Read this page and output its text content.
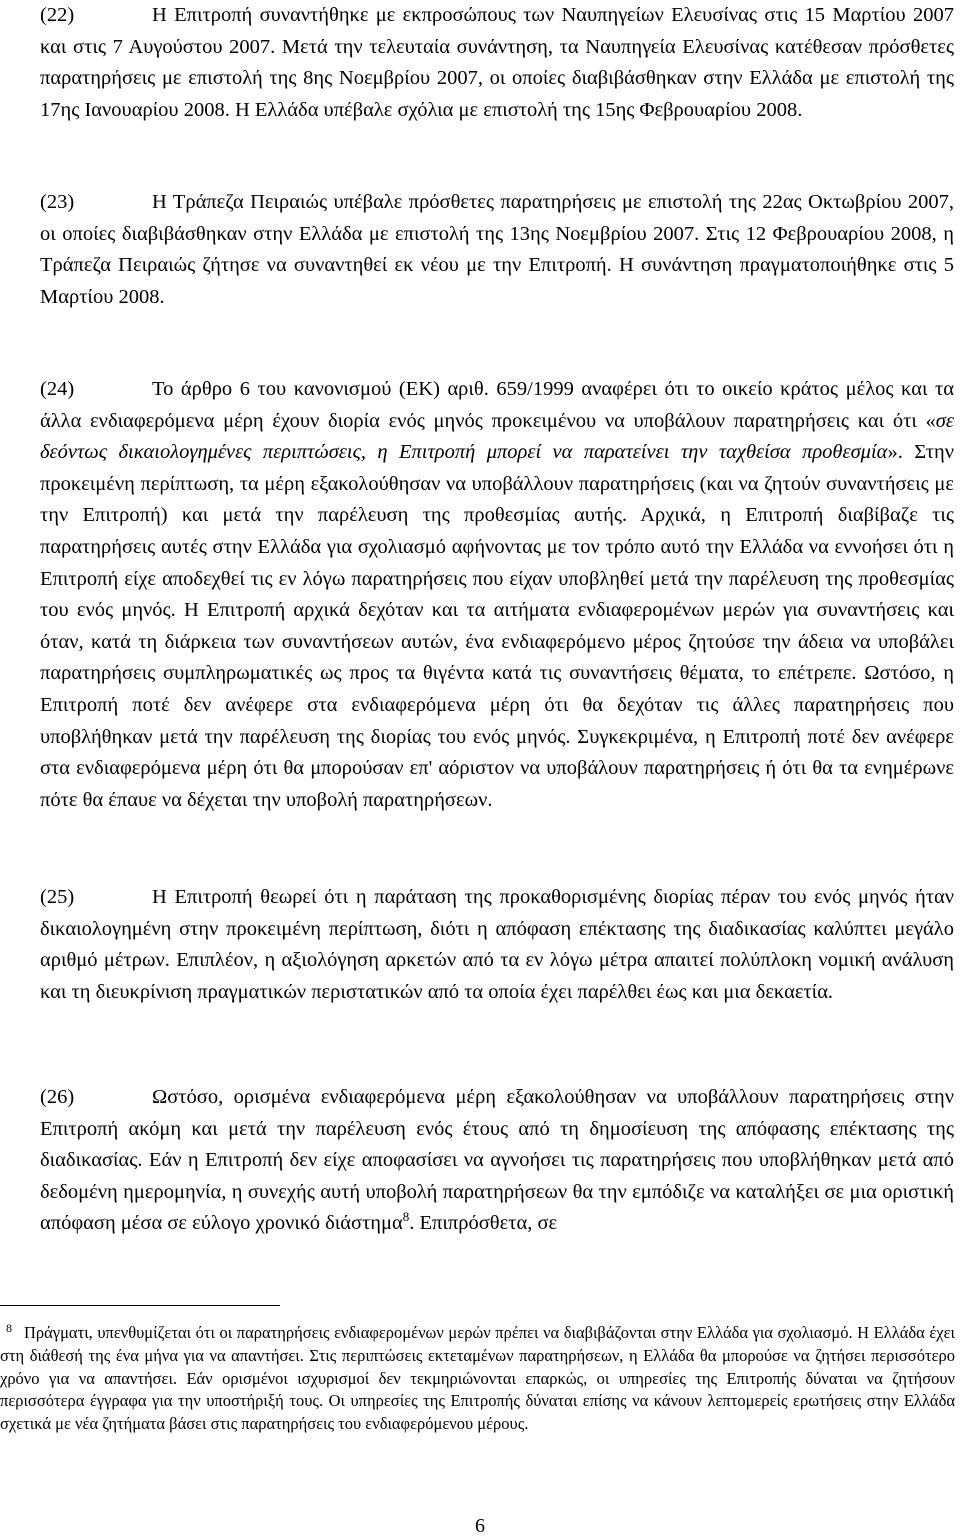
(22)	Η Επιτροπή συναντήθηκε με εκπροσώπους των Ναυπηγείων Ελευσίνας στις 15 Μαρτίου 2007 και στις 7 Αυγούστου 2007. Μετά την τελευταία συνάντηση, τα Ναυπηγεία Ελευσίνας κατέθεσαν πρόσθετες παρατηρήσεις με επιστολή της 8ης Νοεμβρίου 2007, οι οποίες διαβιβάσθηκαν στην Ελλάδα με επιστολή της 17ης Ιανουαρίου 2008. Η Ελλάδα υπέβαλε σχόλια με επιστολή της 15ης Φεβρουαρίου 2008.
(23)	Η Τράπεζα Πειραιώς υπέβαλε πρόσθετες παρατηρήσεις με επιστολή της 22ας Οκτωβρίου 2007, οι οποίες διαβιβάσθηκαν στην Ελλάδα με επιστολή της 13ης Νοεμβρίου 2007. Στις 12 Φεβρουαρίου 2008, η Τράπεζα Πειραιώς ζήτησε να συναντηθεί εκ νέου με την Επιτροπή. Η συνάντηση πραγματοποιήθηκε στις 5 Μαρτίου 2008.
(24)	Το άρθρο 6 του κανονισμού (ΕΚ) αριθ. 659/1999 αναφέρει ότι το οικείο κράτος μέλος και τα άλλα ενδιαφερόμενα μέρη έχουν διορία ενός μηνός προκειμένου να υποβάλουν παρατηρήσεις και ότι «σε δεόντως δικαιολογημένες περιπτώσεις, η Επιτροπή μπορεί να παρατείνει την ταχθείσα προθεσμία». Στην προκειμένη περίπτωση, τα μέρη εξακολούθησαν να υποβάλλουν παρατηρήσεις (και να ζητούν συναντήσεις με την Επιτροπή) και μετά την παρέλευση της προθεσμίας αυτής. Αρχικά, η Επιτροπή διαβίβαζε τις παρατηρήσεις αυτές στην Ελλάδα για σχολιασμό αφήνοντας με τον τρόπο αυτό την Ελλάδα να εννοήσει ότι η Επιτροπή είχε αποδεχθεί τις εν λόγω παρατηρήσεις που είχαν υποβληθεί μετά την παρέλευση της προθεσμίας του ενός μηνός. Η Επιτροπή αρχικά δεχόταν και τα αιτήματα ενδιαφερομένων μερών για συναντήσεις και όταν, κατά τη διάρκεια των συναντήσεων αυτών, ένα ενδιαφερόμενο μέρος ζητούσε την άδεια να υποβάλει παρατηρήσεις συμπληρωματικές ως προς τα θιγέντα κατά τις συναντήσεις θέματα, το επέτρεπε. Ωστόσο, η Επιτροπή ποτέ δεν ανέφερε στα ενδιαφερόμενα μέρη ότι θα δεχόταν τις άλλες παρατηρήσεις που υποβλήθηκαν μετά την παρέλευση της διορίας του ενός μηνός. Συγκεκριμένα, η Επιτροπή ποτέ δεν ανέφερε στα ενδιαφερόμενα μέρη ότι θα μπορούσαν επ' αόριστον να υποβάλουν παρατηρήσεις ή ότι θα τα ενημέρωνε πότε θα έπαυε να δέχεται την υποβολή παρατηρήσεων.
(25)	Η Επιτροπή θεωρεί ότι η παράταση της προκαθορισμένης διορίας πέραν του ενός μηνός ήταν δικαιολογημένη στην προκειμένη περίπτωση, διότι η απόφαση επέκτασης της διαδικασίας καλύπτει μεγάλο αριθμό μέτρων. Επιπλέον, η αξιολόγηση αρκετών από τα εν λόγω μέτρα απαιτεί πολύπλοκη νομική ανάλυση και τη διευκρίνιση πραγματικών περιστατικών από τα οποία έχει παρέλθει έως και μια δεκαετία.
(26)	Ωστόσο, ορισμένα ενδιαφερόμενα μέρη εξακολούθησαν να υποβάλλουν παρατηρήσεις στην Επιτροπή ακόμη και μετά την παρέλευση ενός έτους από τη δημοσίευση της απόφασης επέκτασης της διαδικασίας. Εάν η Επιτροπή δεν είχε αποφασίσει να αγνοήσει τις παρατηρήσεις που υποβλήθηκαν μετά από δεδομένη ημερομηνία, η συνεχής αυτή υποβολή παρατηρήσεων θα την εμπόδιζε να καταλήξει σε μια οριστική απόφαση μέσα σε εύλογο χρονικό διάστημα$^8$. Επιπρόσθετα, σε
8 Πράγματι, υπενθυμίζεται ότι οι παρατηρήσεις ενδιαφερομένων μερών πρέπει να διαβιβάζονται στην Ελλάδα για σχολιασμό. Η Ελλάδα έχει στη διάθεσή της ένα μήνα για να απαντήσει. Στις περιπτώσεις εκτεταμένων παρατηρήσεων, η Ελλάδα θα μπορούσε να ζητήσει περισσότερο χρόνο για να απαντήσει. Εάν ορισμένοι ισχυρισμοί δεν τεκμηριώνονται επαρκώς, οι υπηρεσίες της Επιτροπής δύναται να ζητήσουν περισσότερα έγγραφα για την υποστήριξή τους. Οι υπηρεσίες της Επιτροπής δύναται επίσης να κάνουν λεπτομερείς ερωτήσεις στην Ελλάδα σχετικά με νέα ζητήματα βάσει στις παρατηρήσεις του ενδιαφερόμενου μέρους.
6
